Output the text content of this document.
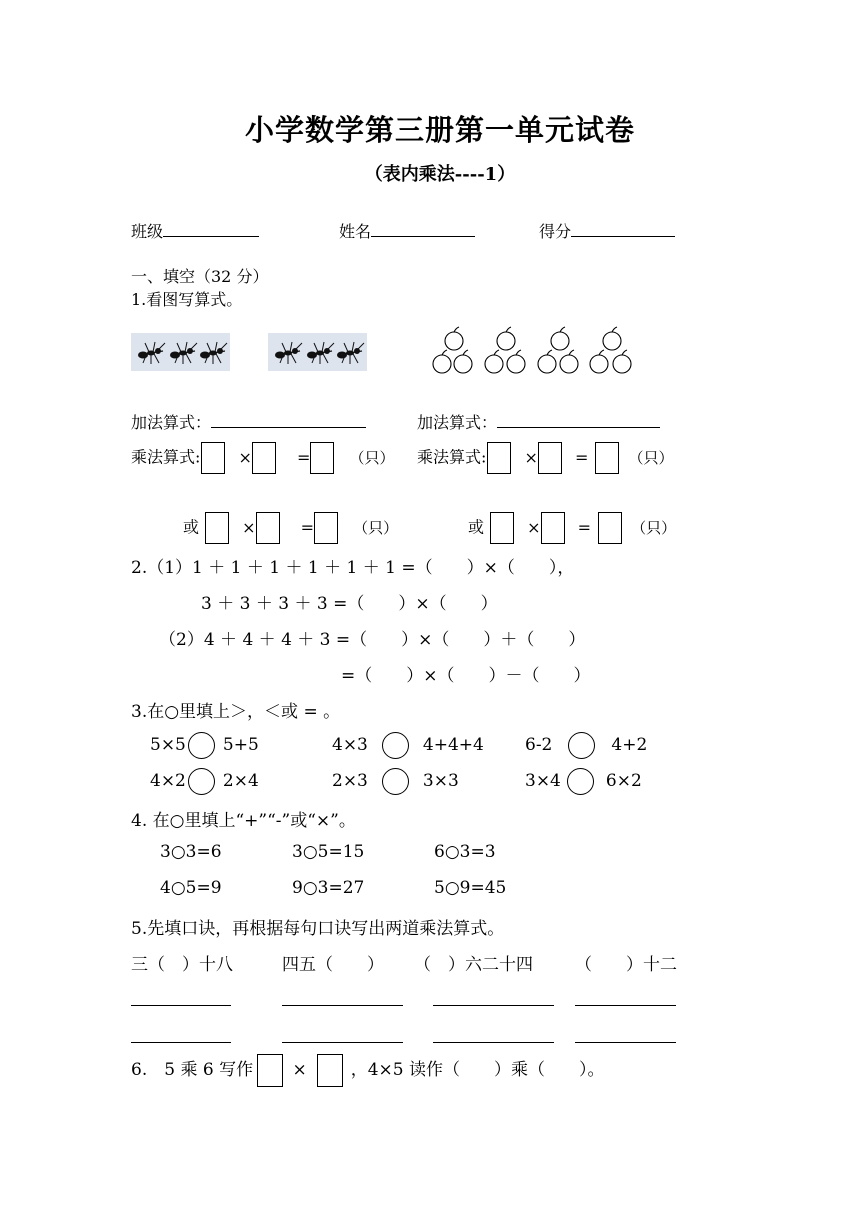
小学数学第三册第一单元试卷
（表内乘法----1）
班级	姓名	得分
一、填空（32 分）
1.看图写算式。
加法算式：	加法算式：
乘法算式: ×	=	（只） 乘法算式: × =	（只）
或	×	=	（只）	或	× =	（只）
2.（1）1 ＋ 1 ＋ 1 ＋ 1 ＋ 1 ＋ 1 =（　　）×（　　），
3 ＋ 3 ＋ 3 ＋ 3 =（　　）×（　　）
（2）4 ＋ 4 ＋ 4 ＋ 3 =（　　）×（　　）＋（　　）
=（　　）×（　　）－（　　）
3.在○里填上＞，＜或 = 。
5×5 5+5	4×3	4+4+4 6-2	4+2
4×2 2×4	2×3	3×3	3×4	6×2
4. 在○里填上“+”“-”或“×”。
3○3=6	3○5=15	6○3=3
4○5=9	9○3=27	5○9=45
5.先填口诀，再根据每句口诀写出两道乘法算式。
三（　）十八	四五（　　） （　）六二十四 （　　）十二
6.　5 乘 6 写作 ×	，4×5 读作（　　）乘（　　）。
